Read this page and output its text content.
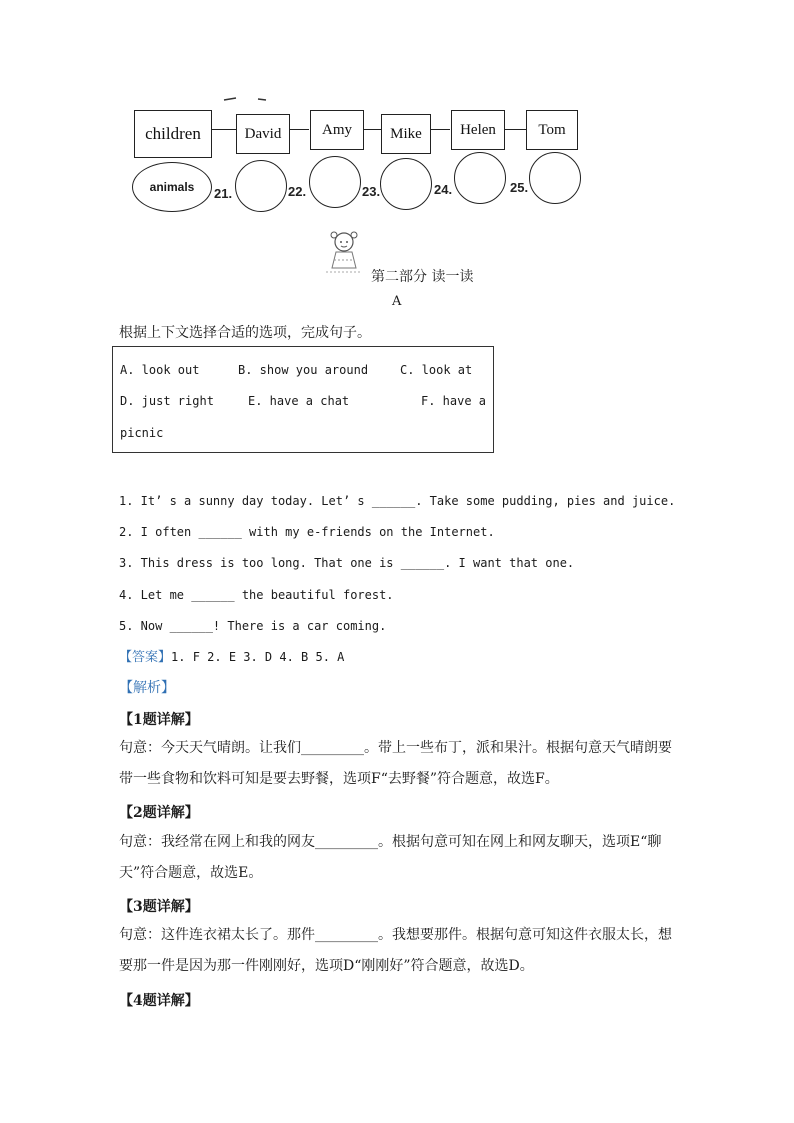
children	David	Amy	Mike	Helen	Tom
animals	21.	22.	23.	24.	25.
第二部分 读一读
A
根据上下文选择合适的选项，完成句子。
A. look out	B. show you around	C. look at
D. just right	E. have a chat	F. have a
picnic
1. It’ s a sunny day today. Let’ s ______. Take some pudding, pies and juice.
2. I often ______ with my e-friends on the Internet.
3. This dress is too long. That one is ______. I want that one.
4. Let me ______ the beautiful forest.
5. Now ______! There is a car coming.
【答案】1. F 2. E 3. D 4. B 5. A
【解析】
【1题详解】
句意：今天天气晴朗。让我们_________。带上一些布丁，派和果汁。根据句意天气晴朗要带一些食物和饮料可知是要去野餐，选项F“去野餐”符合题意，故选F。
【2题详解】
句意：我经常在网上和我的网友_________。根据句意可知在网上和网友聊天，选项E“聊天”符合题意，故选E。
【3题详解】
句意：这件连衣裙太长了。那件_________。我想要那件。根据句意可知这件衣服太长，想要那一件是因为那一件刚刚好，选项D“刚刚好”符合题意，故选D。
【4题详解】
